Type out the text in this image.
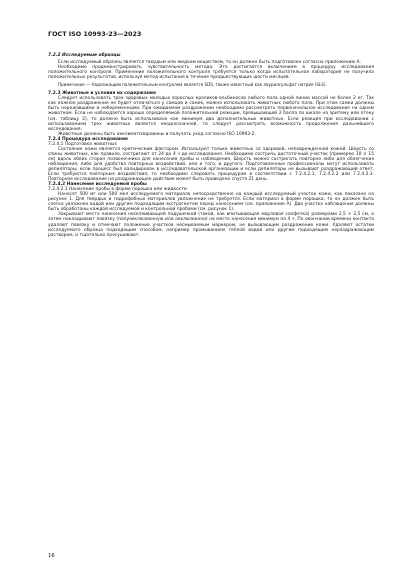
ГОСТ ISO 10993-23—2023

7.2.2 Исследуемые образцы

Если исследуемый образец является твердым или жидким веществом, то он должен быть подготовлен согласно приложению А.

Необходимо продемонстрировать чувствительность метода. Это достигается включением в процедуру исследования положительного контроля. Применение положительного контроля требуется только когда испытательная лаборатория не получила положительных результатов, используя метод испытания в течение предшествующих шести месяцев.

Примечание — Надлежащим положительным контролем является SDS, также известный как лаурилсульфат натрия (SLS).

7.2.3 Животные и условия их содержания

Следует использовать трех здоровых молодых взрослых кроликов-альбиносов любого пола одной линии массой не более 2 кг. Так как кожное раздражение не будет отличаться у самцов и самок, можно использовать животных любого пола. При этом самки должны быть нерожавшими и небеременными. При ожидаемом раздражении необходимо рассмотреть первоначальное исследование на одном животном. Если не наблюдается хорошо определяемой положительной реакции, превышающей 2 балла по шкале на эритему или отеку (см. таблицу 2), то должно быть использовано как минимум два дополнительных животных. Если реакция при исследовании с использованием трех животных является неоднозначной, то следует рассмотреть возможность продолжения дальнейшего исследования.

Животные должны быть акклиматизированы и получать уход согласно ISO 10993-2.

7.2.4 Процедура исследования

7.2.4.1 Подготовка животных

Состояние кожи является критическим фактором. Используют только животных со здоровой, неповрежденной кожей. Шерсть со спины животных, как правило, состригают от 24 до 4 ч до исследования. Необходимо состричь достаточный участок (примерно 10 × 15 см) вдоль обеих сторон позвоночника для нанесения пробы и наблюдения. Шерсть можно состригать повторно либо для облегчения наблюдения, либо для удобства повторных воздействий, или и того, и другого. Подготовленные профессионалы могут использовать депиляторы, если процесс был валидирован в исследовательской организации и если депиляторы не вызывают раздражающий ответ. Если требуются повторные воздействия, то необходимо следовать процедурам в соответствии с 7.2.4.2.1, 7.2.4.2.2 или 7.2.4.2.3. Повторное исследование на раздражающее действие может быть проведено спустя 21 день.

7.2.4.2 Нанесение исследуемой пробы

7.2.4.2.1 Нанесение пробы в форме порошка или жидкости

Наносят 500 мг или 500 мкл исследуемого материала непосредственно на каждый исследуемый участок кожи, как показано на рисунке 1. Для твердых и гидрофобных материалов увлажнение не требуется. Если материал в форме порошка, то он должен быть слегка увлажнен водой или другим подходящим экстрагентом перед нанесением (см. приложение А). Два участка наблюдения должны быть обработаны каждой исследуемой и контрольной пробами (см. рисунок 1).

Закрывают место нанесения несклеивающей подушечкой (такой, как впитывающая марлевая салфетка) размерами 2,5 × 2,5 см, а затем накладывают повязку (полуокклюзионную или окклюзионно) на место нанесения минимум на 4 ч. По окончании времени контакта удаляют повязку и отмечают положение участков несмываемым маркером, не вызывающим раздражение кожи. Удаляют остатки исследуемого образца подходящим способом, например промыванием теплой водой или другим подходящим нераздражающим раствором, и тщательно просушивают.

16
